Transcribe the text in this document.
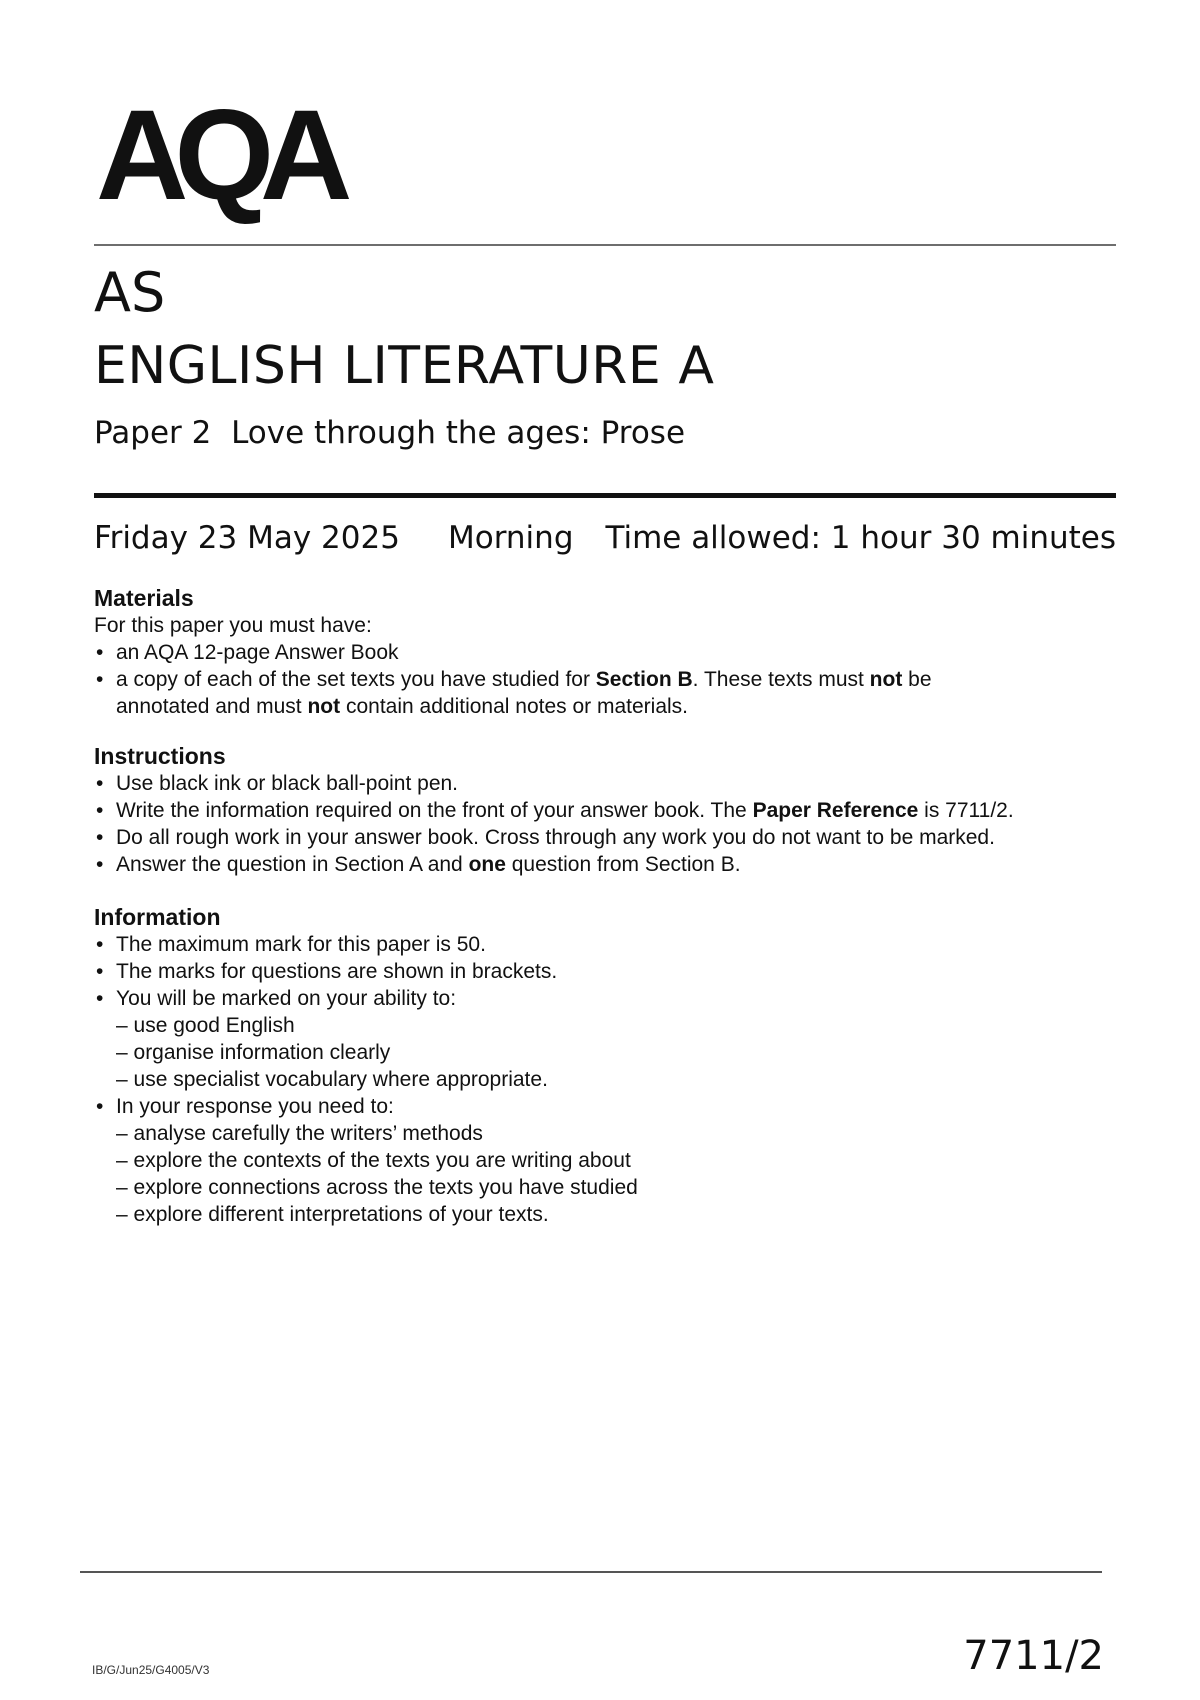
AQA
AS
ENGLISH LITERATURE A
Paper 2  Love through the ages: Prose
Friday 23 May 2025 Morning Time allowed: 1 hour 30 minutes
Materials
For this paper you must have:
• an AQA 12-page Answer Book
• a copy of each of the set texts you have studied for Section B. These texts must not be annotated and must not contain additional notes or materials.
Instructions
• Use black ink or black ball-point pen.
• Write the information required on the front of your answer book. The Paper Reference is 7711/2.
• Do all rough work in your answer book. Cross through any work you do not want to be marked.
• Answer the question in Section A and one question from Section B.
Information
• The maximum mark for this paper is 50.
• The marks for questions are shown in brackets.
• You will be marked on your ability to:
– use good English
– organise information clearly
– use specialist vocabulary where appropriate.
• In your response you need to:
– analyse carefully the writers’ methods
– explore the contexts of the texts you are writing about
– explore connections across the texts you have studied
– explore different interpretations of your texts.
IB/G/Jun25/G4005/V3	7711/2
